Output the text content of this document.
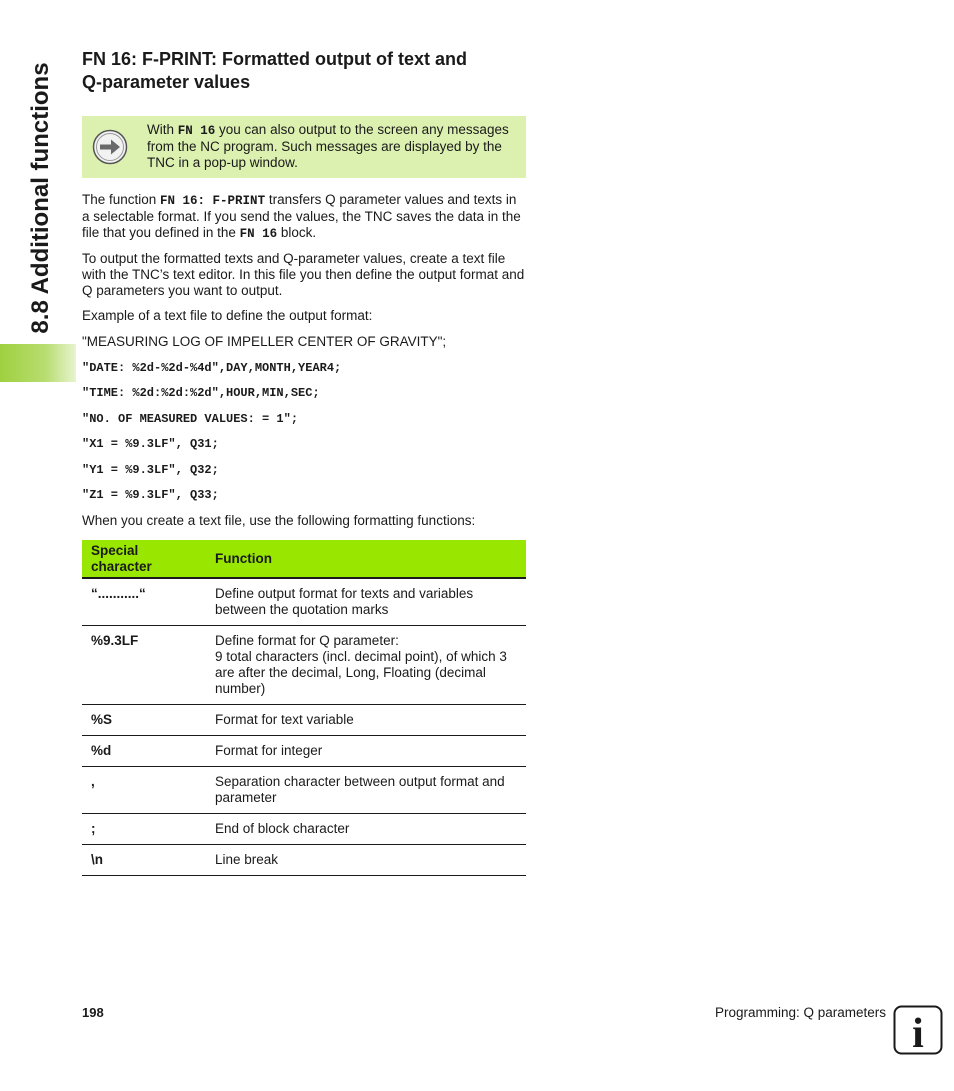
8.8 Additional functions
FN 16: F-PRINT: Formatted output of text and
Q-parameter values
With FN 16 you can also output to the screen any messages from the NC program. Such messages are displayed by the TNC in a pop-up window.

The function FN 16: F-PRINT transfers Q parameter values and texts in a selectable format. If you send the values, the TNC saves the data in the file that you defined in the FN 16 block.

To output the formatted texts and Q-parameter values, create a text file with the TNC’s text editor. In this file you then define the output format and Q parameters you want to output.

Example of a text file to define the output format:

"MEASURING LOG OF IMPELLER CENTER OF GRAVITY";

"DATE: %2d-%2d-%4d",DAY,MONTH,YEAR4;
"TIME: %2d:%2d:%2d",HOUR,MIN,SEC;
"NO. OF MEASURED VALUES: = 1";
"X1 = %9.3LF", Q31;
"Y1 = %9.3LF", Q32;
"Z1 = %9.3LF", Q33;

When you create a text file, use the following formatting functions:

Special character	Function
“...........“	Define output format for texts and variables between the quotation marks
%9.3LF	Define format for Q parameter:
9 total characters (incl. decimal point), of which 3 are after the decimal, Long, Floating (decimal number)
%S	Format for text variable
%d	Format for integer
,	Separation character between output format and parameter
;	End of block character
\n	Line break
198	Programming: Q parameters i
